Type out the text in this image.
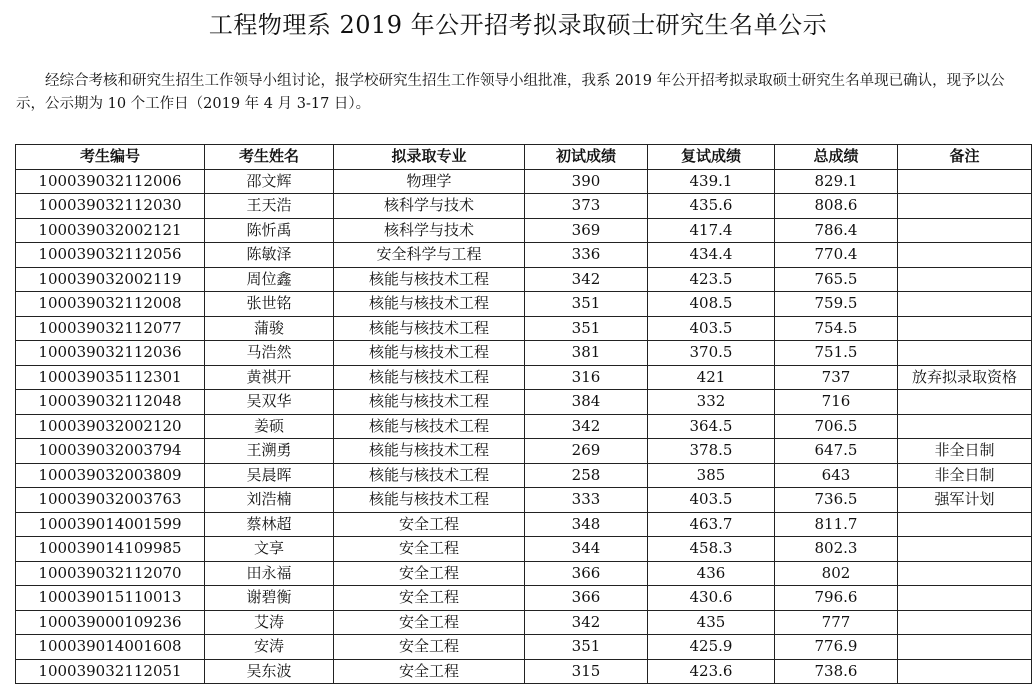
工程物理系 2019 年公开招考拟录取硕士研究生名单公示

经综合考核和研究生招生工作领导小组讨论，报学校研究生招生工作领导小组批准，我系 2019 年公开招考拟录取硕士研究生名单现已确认，现予以公示，公示期为 10 个工作日（2019 年 4 月 3-17 日）。

考生编号	考生姓名	拟录取专业	初试成绩	复试成绩	总成绩	备注
100039032112006	邵文辉	物理学	390	439.1	829.1	
100039032112030	王天浩	核科学与技术	373	435.6	808.6	
100039032002121	陈忻禹	核科学与技术	369	417.4	786.4	
100039032112056	陈敏泽	安全科学与工程	336	434.4	770.4	
100039032002119	周位鑫	核能与核技术工程	342	423.5	765.5	
100039032112008	张世铭	核能与核技术工程	351	408.5	759.5	
100039032112077	蒲骏	核能与核技术工程	351	403.5	754.5	
100039032112036	马浩然	核能与核技术工程	381	370.5	751.5	
100039035112301	黄祺开	核能与核技术工程	316	421	737	放弃拟录取资格
100039032112048	吴双华	核能与核技术工程	384	332	716	
100039032002120	姜硕	核能与核技术工程	342	364.5	706.5	
100039032003794	王溯勇	核能与核技术工程	269	378.5	647.5	非全日制
100039032003809	吴晨晖	核能与核技术工程	258	385	643	非全日制
100039032003763	刘浩楠	核能与核技术工程	333	403.5	736.5	强军计划
100039014001599	蔡林超	安全工程	348	463.7	811.7	
100039014109985	文享	安全工程	344	458.3	802.3	
100039032112070	田永福	安全工程	366	436	802	
100039015110013	谢碧衡	安全工程	366	430.6	796.6	
100039000109236	艾涛	安全工程	342	435	777	
100039014001608	安涛	安全工程	351	425.9	776.9	
100039032112051	吴东波	安全工程	315	423.6	738.6	
